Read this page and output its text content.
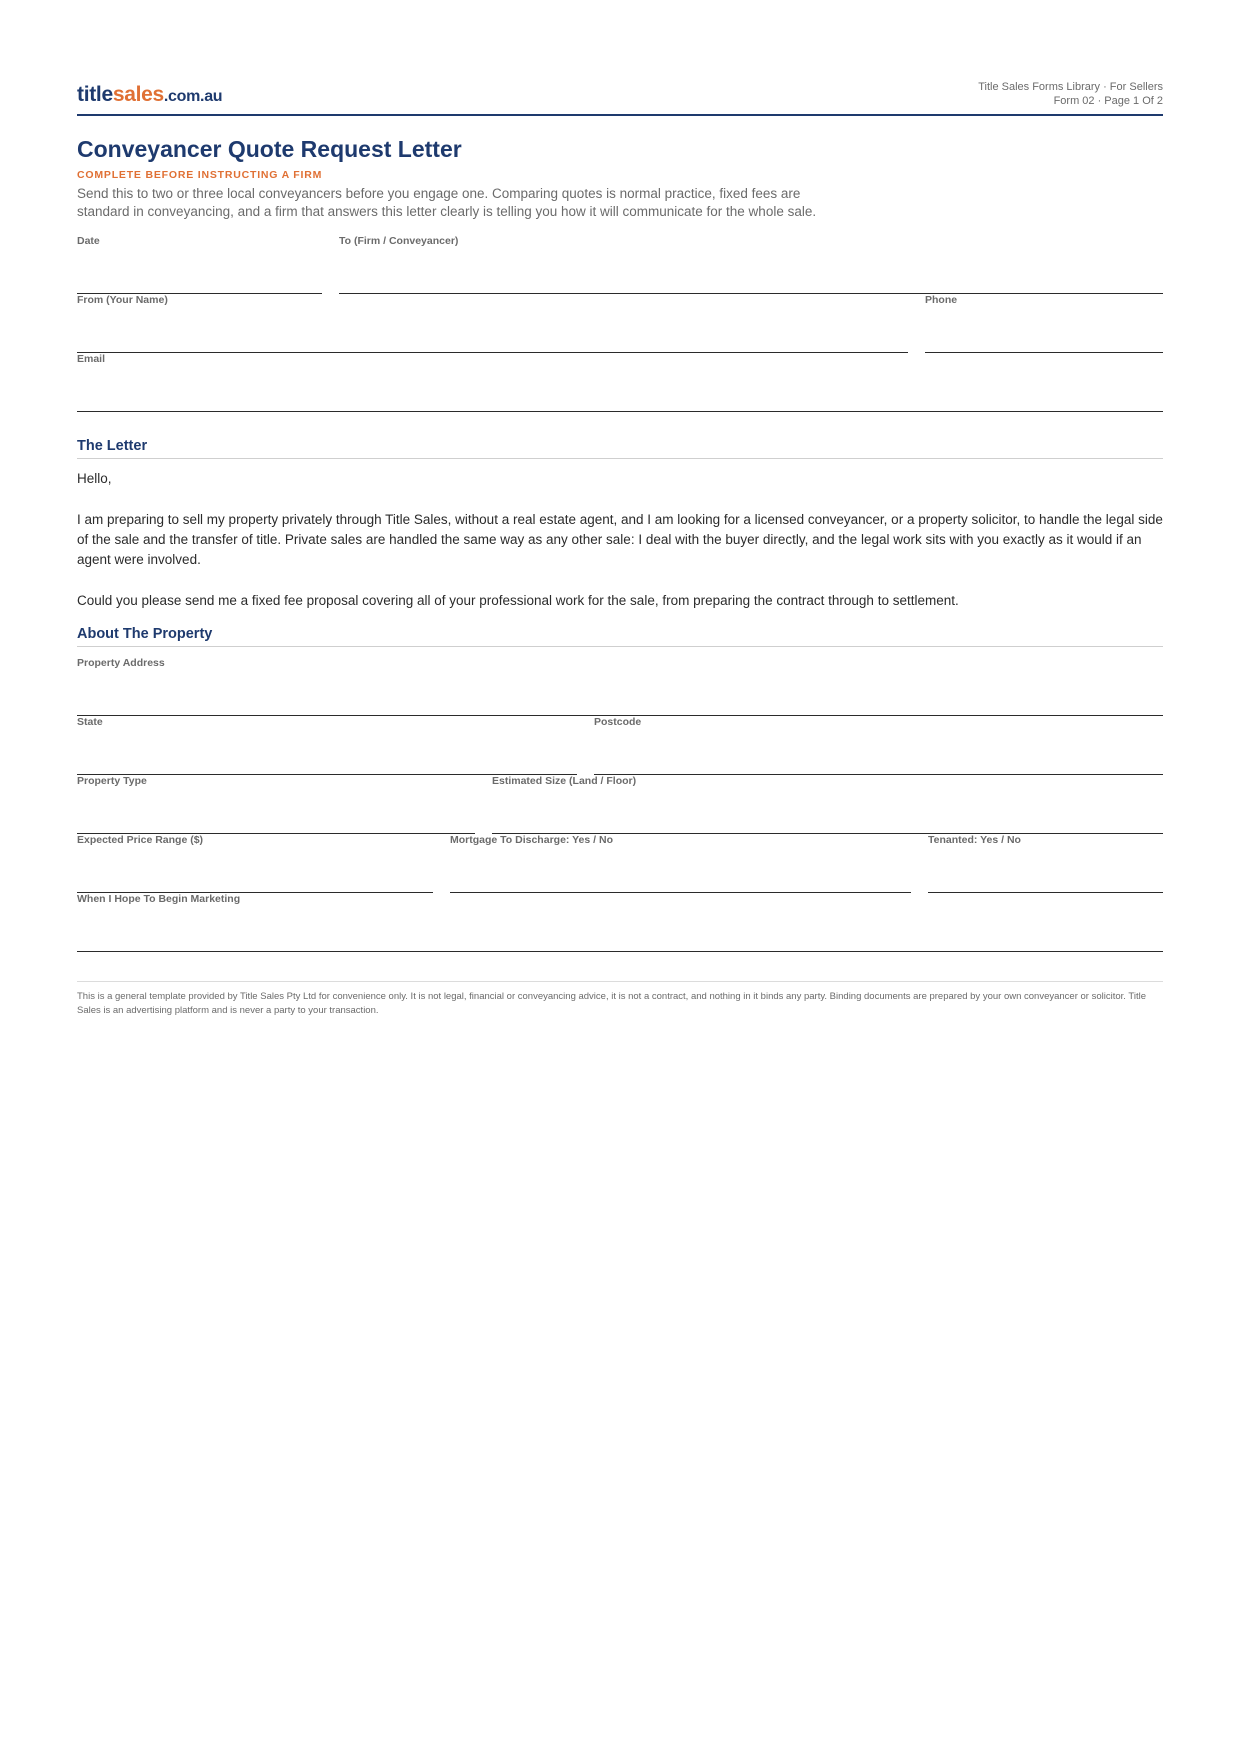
titlesales.com.au
Title Sales Forms Library · For Sellers
Form 02 · Page 1 Of 2
Conveyancer Quote Request Letter
COMPLETE BEFORE INSTRUCTING A FIRM
Send this to two or three local conveyancers before you engage one. Comparing quotes is normal practice, fixed fees are standard in conveyancing, and a firm that answers this letter clearly is telling you how it will communicate for the whole sale.
Date	To (Firm / Conveyancer)
From (Your Name)	Phone
Email
The Letter
Hello,
I am preparing to sell my property privately through Title Sales, without a real estate agent, and I am looking for a licensed conveyancer, or a property solicitor, to handle the legal side of the sale and the transfer of title. Private sales are handled the same way as any other sale: I deal with the buyer directly, and the legal work sits with you exactly as it would if an agent were involved.
Could you please send me a fixed fee proposal covering all of your professional work for the sale, from preparing the contract through to settlement.
About The Property
Property Address
State	Postcode
Property Type	Estimated Size (Land / Floor)
Expected Price Range ($)	Mortgage To Discharge: Yes / No	Tenanted: Yes / No
When I Hope To Begin Marketing
This is a general template provided by Title Sales Pty Ltd for convenience only. It is not legal, financial or conveyancing advice, it is not a contract, and nothing in it binds any party. Binding documents are prepared by your own conveyancer or solicitor. Title Sales is an advertising platform and is never a party to your transaction.
